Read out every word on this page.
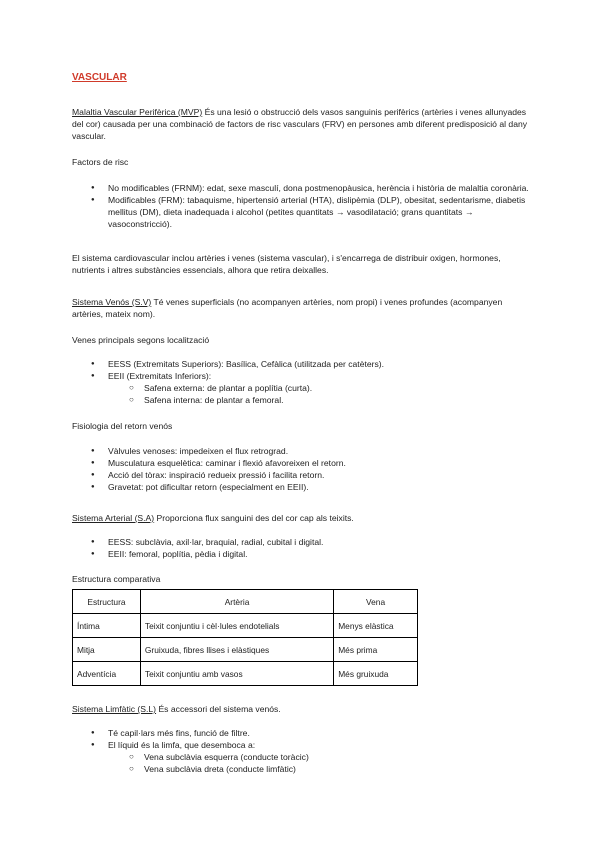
VASCULAR
Malaltia Vascular Perifèrica (MVP) És una lesió o obstrucció dels vasos sanguinis perifèrics (artèries i venes allunyades del cor) causada per una combinació de factors de risc vasculars (FRV) en persones amb diferent predisposició al dany vascular.
Factors de risc
● No modificables (FRNM): edat, sexe masculí, dona postmenopàusica, herència i història de malaltia coronària.
● Modificables (FRM): tabaquisme, hipertensió arterial (HTA), dislipèmia (DLP), obesitat, sedentarisme, diabetis mellitus (DM), dieta inadequada i alcohol (petites quantitats → vasodilatació; grans quantitats → vasoconstricció).
El sistema cardiovascular inclou artèries i venes (sistema vascular), i s'encarrega de distribuir oxigen, hormones, nutrients i altres substàncies essencials, alhora que retira deixalles.
Sistema Venós (S.V) Té venes superficials (no acompanyen artèries, nom propi) i venes profundes (acompanyen artèries, mateix nom).
Venes principals segons localització
● EESS (Extremitats Superiors): Basílica, Cefàlica (utilitzada per catèters).
● EEII (Extremitats Inferiors):
○ Safena externa: de plantar a poplítia (curta).
○ Safena interna: de plantar a femoral.
Fisiologia del retorn venós
● Vàlvules venoses: impedeixen el flux retrograd.
● Musculatura esquelètica: caminar i flexió afavoreixen el retorn.
● Acció del tòrax: inspiració redueix pressió i facilita retorn.
● Gravetat: pot dificultar retorn (especialment en EEII).
Sistema Arterial (S.A) Proporciona flux sanguini des del cor cap als teixits.
● EESS: subclàvia, axil·lar, braquial, radial, cubital i digital.
● EEII: femoral, poplítia, pèdia i digital.
Estructura comparativa
Estructura	Artèria	Vena
Íntima	Teixit conjuntiu i cèl·lules endotelials	Menys elàstica
Mitja	Gruixuda, fibres llises i elàstiques	Més prima
Adventícia	Teixit conjuntiu amb vasos	Més gruixuda
Sistema Limfàtic (S.L) És accessori del sistema venós.
● Té capil·lars més fins, funció de filtre.
● El líquid és la limfa, que desemboca a:
○ Vena subclàvia esquerra (conducte toràcic)
○ Vena subclàvia dreta (conducte limfàtic)
